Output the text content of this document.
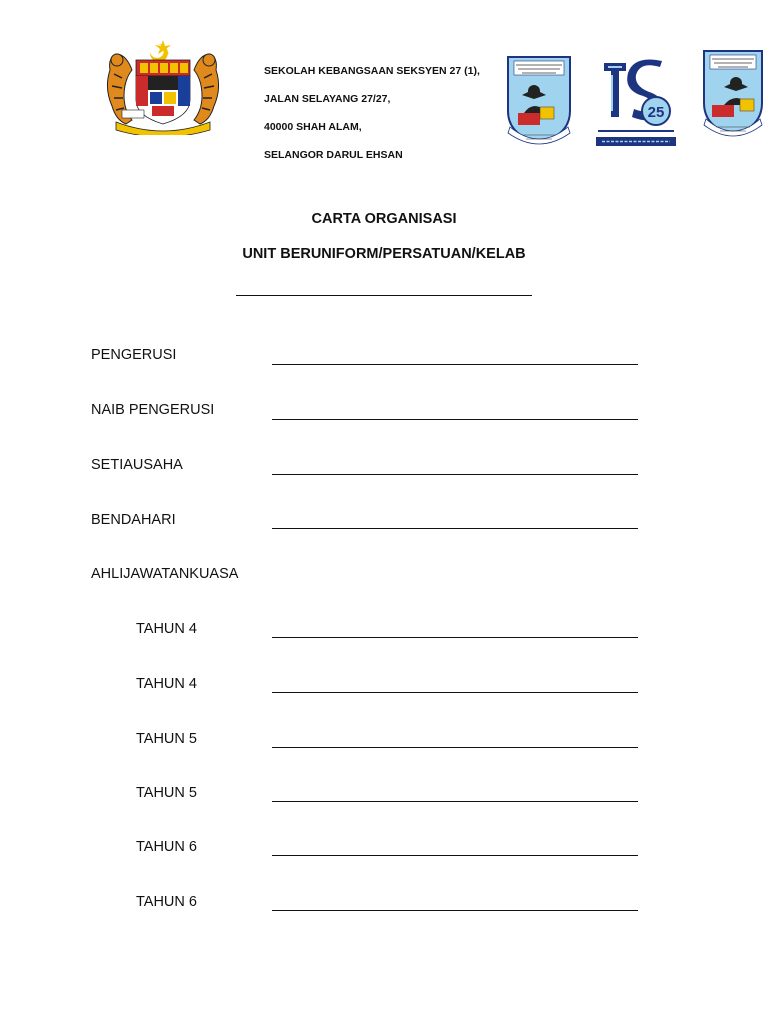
SEKOLAH KEBANGSAAN SEKSYEN 27 (1),
JALAN SELAYANG 27/27,
40000 SHAH ALAM,
SELANGOR DARUL EHSAN
25
CARTA ORGANISASI
UNIT BERUNIFORM/PERSATUAN/KELAB
PENGERUSI
NAIB PENGERUSI
SETIAUSAHA
BENDAHARI
AHLIJAWATANKUASA
TAHUN 4
TAHUN 4
TAHUN 5
TAHUN 5
TAHUN 6
TAHUN 6
